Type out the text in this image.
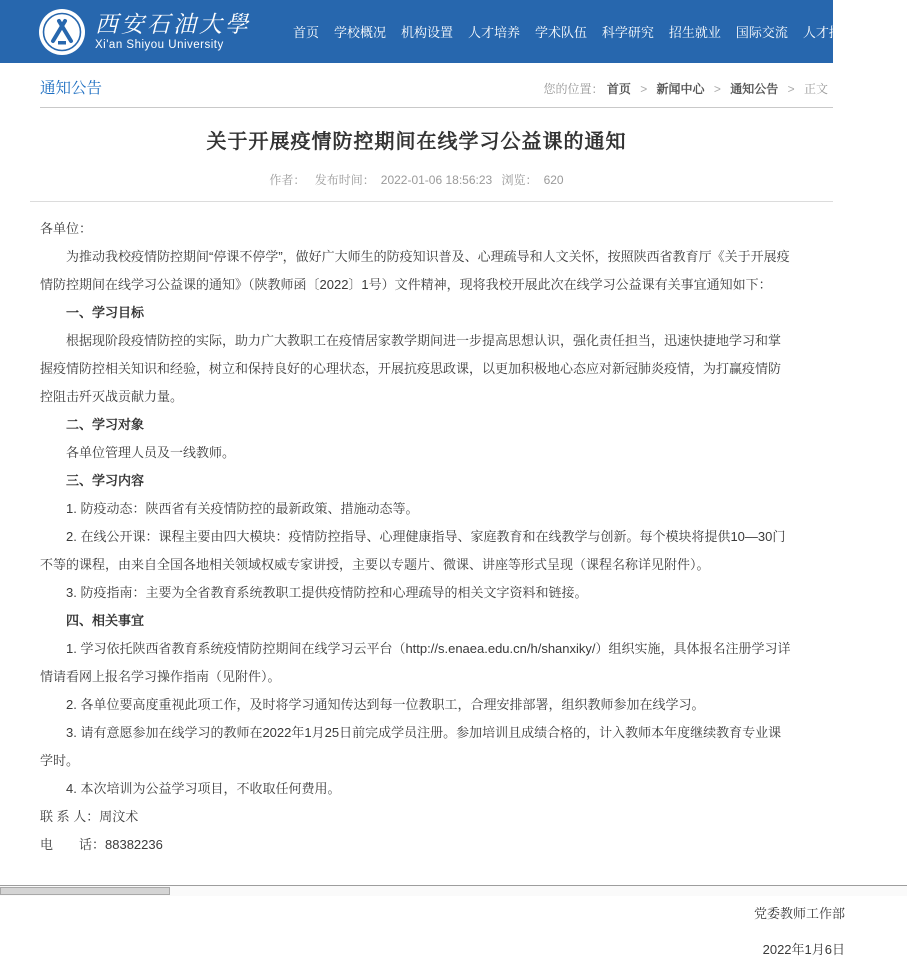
西安石油大學
Xi'an Shiyou University
首页 学校概况 机构设置 人才培养 学术队伍 科学研究 招生就业 国际交流 人才招聘
通知公告	您的位置： 首页 > 新闻中心 > 通知公告 > 正文
关于开展疫情防控期间在线学习公益课的通知
作者： 发布时间： 2022-01-06 18:56:23 浏览： 620

各单位：

为推动我校疫情防控期间“停课不停学”，做好广大师生的防疫知识普及、心理疏导和人文关怀，按照陕西省教育厅《关于开展疫情防控期间在线学习公益课的通知》（陕教师函〔2022〕1号）文件精神，现将我校开展此次在线学习公益课有关事宜通知如下：

一、学习目标

根据现阶段疫情防控的实际，助力广大教职工在疫情居家教学期间进一步提高思想认识，强化责任担当，迅速快捷地学习和掌握疫情防控相关知识和经验，树立和保持良好的心理状态，开展抗疫思政课，以更加积极地心态应对新冠肺炎疫情，为打赢疫情防控阻击歼灭战贡献力量。

二、学习对象

各单位管理人员及一线教师。

三、学习内容

1. 防疫动态：陕西省有关疫情防控的最新政策、措施动态等。

2. 在线公开课：课程主要由四大模块：疫情防控指导、心理健康指导、家庭教育和在线教学与创新。每个模块将提供10—30门不等的课程，由来自全国各地相关领域权威专家讲授，主要以专题片、微课、讲座等形式呈现（课程名称详见附件）。

3. 防疫指南：主要为全省教育系统教职工提供疫情防控和心理疏导的相关文字资料和链接。

四、相关事宜

1. 学习依托陕西省教育系统疫情防控期间在线学习云平台（http://s.enaea.edu.cn/h/shanxiky/）组织实施，具体报名注册学习详情请看网上报名学习操作指南（见附件）。

2. 各单位要高度重视此项工作，及时将学习通知传达到每一位教职工，合理安排部署，组织教师参加在线学习。

3. 请有意愿参加在线学习的教师在2022年1月25日前完成学员注册。参加培训且成绩合格的，计入教师本年度继续教育专业课学时。

4. 本次培训为公益学习项目，不收取任何费用。

联 系 人：周汶术

电　　话：88382236

党委教师工作部
2022年1月6日
